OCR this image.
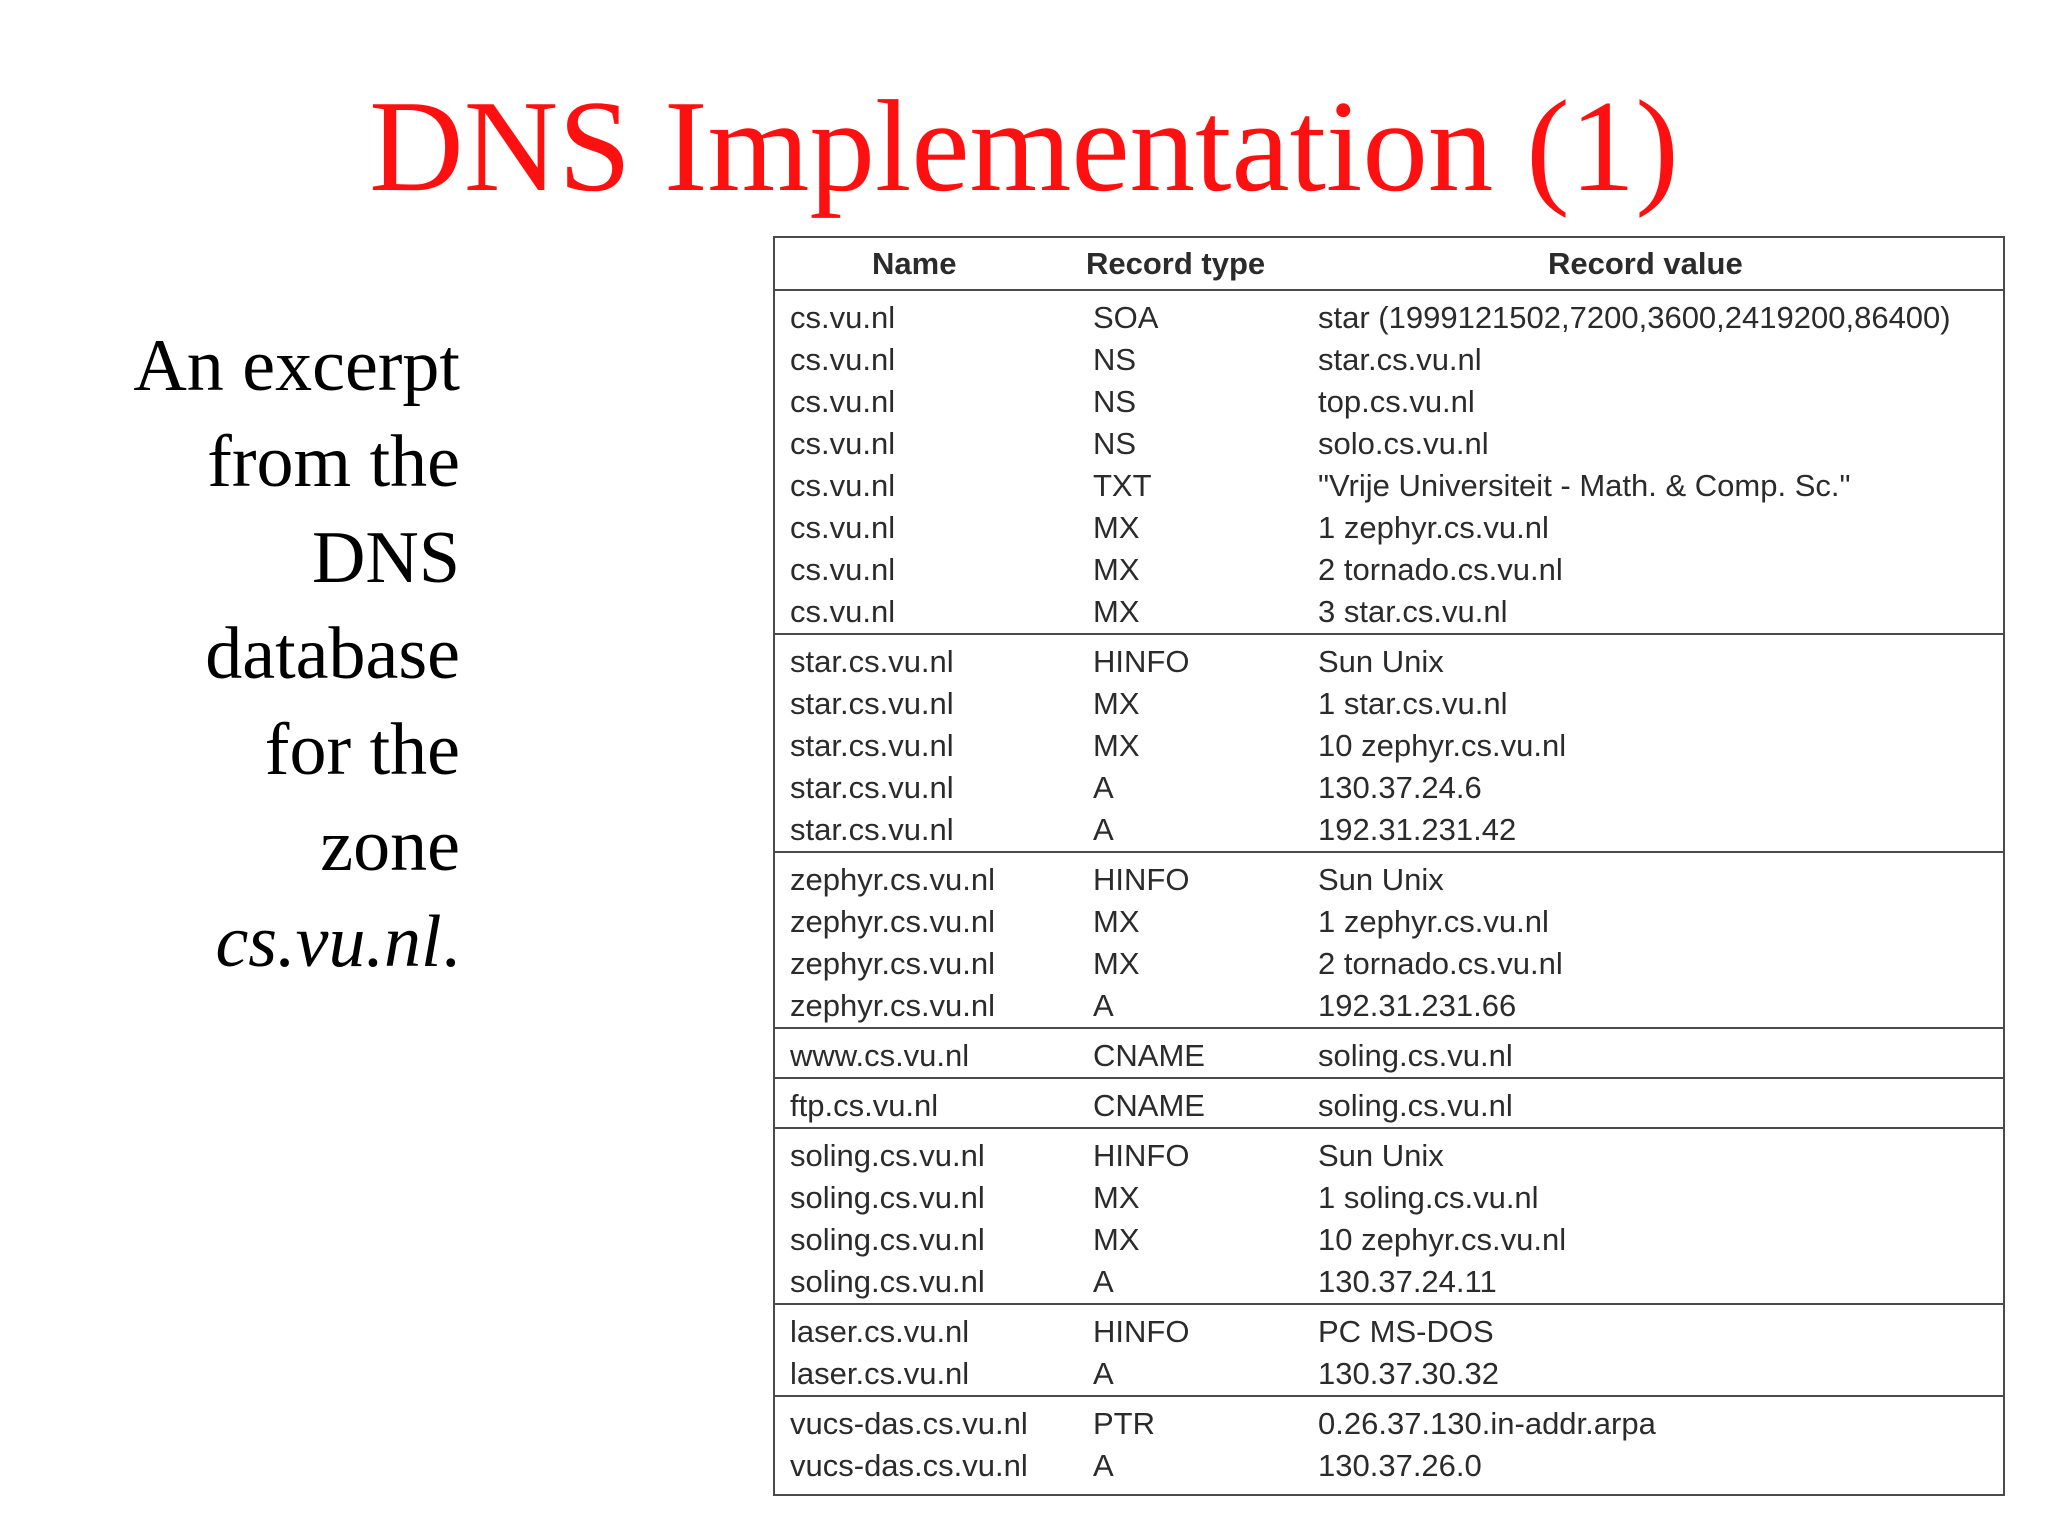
DNS Implementation (1)
An excerpt
from the
DNS
database
for the
zone
cs.vu.nl.
Name	Record type	Record value
cs.vu.nl	SOA	star (1999121502,7200,3600,2419200,86400)
cs.vu.nl	NS	star.cs.vu.nl
cs.vu.nl	NS	top.cs.vu.nl
cs.vu.nl	NS	solo.cs.vu.nl
cs.vu.nl	TXT	"Vrije Universiteit - Math. & Comp. Sc."
cs.vu.nl	MX	1 zephyr.cs.vu.nl
cs.vu.nl	MX	2 tornado.cs.vu.nl
cs.vu.nl	MX	3 star.cs.vu.nl
star.cs.vu.nl	HINFO	Sun Unix
star.cs.vu.nl	MX	1 star.cs.vu.nl
star.cs.vu.nl	MX	10 zephyr.cs.vu.nl
star.cs.vu.nl	A	130.37.24.6
star.cs.vu.nl	A	192.31.231.42
zephyr.cs.vu.nl	HINFO	Sun Unix
zephyr.cs.vu.nl	MX	1 zephyr.cs.vu.nl
zephyr.cs.vu.nl	MX	2 tornado.cs.vu.nl
zephyr.cs.vu.nl	A	192.31.231.66
www.cs.vu.nl	CNAME	soling.cs.vu.nl
ftp.cs.vu.nl	CNAME	soling.cs.vu.nl
soling.cs.vu.nl	HINFO	Sun Unix
soling.cs.vu.nl	MX	1 soling.cs.vu.nl
soling.cs.vu.nl	MX	10 zephyr.cs.vu.nl
soling.cs.vu.nl	A	130.37.24.11
laser.cs.vu.nl	HINFO	PC MS-DOS
laser.cs.vu.nl	A	130.37.30.32
vucs-das.cs.vu.nl PTR	0.26.37.130.in-addr.arpa
vucs-das.cs.vu.nl A	130.37.26.0
